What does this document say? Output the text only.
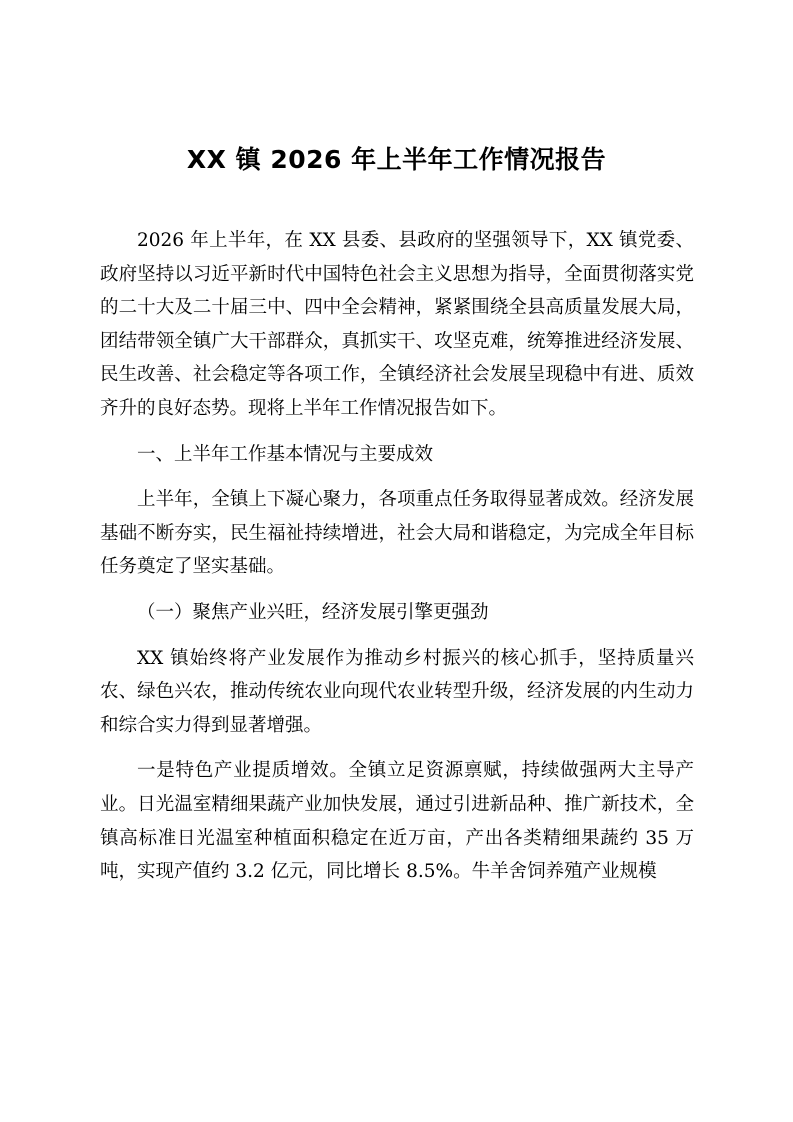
XX 镇 2026 年上半年工作情况报告

2026 年上半年，在 XX 县委、县政府的坚强领导下，XX 镇党委、政府坚持以习近平新时代中国特色社会主义思想为指导，全面贯彻落实党的二十大及二十届三中、四中全会精神，紧紧围绕全县高质量发展大局，团结带领全镇广大干部群众，真抓实干、攻坚克难，统筹推进经济发展、民生改善、社会稳定等各项工作，全镇经济社会发展呈现稳中有进、质效齐升的良好态势。现将上半年工作情况报告如下。

一、上半年工作基本情况与主要成效

上半年，全镇上下凝心聚力，各项重点任务取得显著成效。经济发展基础不断夯实，民生福祉持续增进，社会大局和谐稳定，为完成全年目标任务奠定了坚实基础。

（一）聚焦产业兴旺，经济发展引擎更强劲

XX 镇始终将产业发展作为推动乡村振兴的核心抓手，坚持质量兴农、绿色兴农，推动传统农业向现代农业转型升级，经济发展的内生动力和综合实力得到显著增强。

一是特色产业提质增效。全镇立足资源禀赋，持续做强两大主导产业。日光温室精细果蔬产业加快发展，通过引进新品种、推广新技术，全镇高标准日光温室种植面积稳定在近万亩，产出各类精细果蔬约 35 万吨，实现产值约 3.2 亿元，同比增长 8.5%。牛羊舍饲养殖产业规模
